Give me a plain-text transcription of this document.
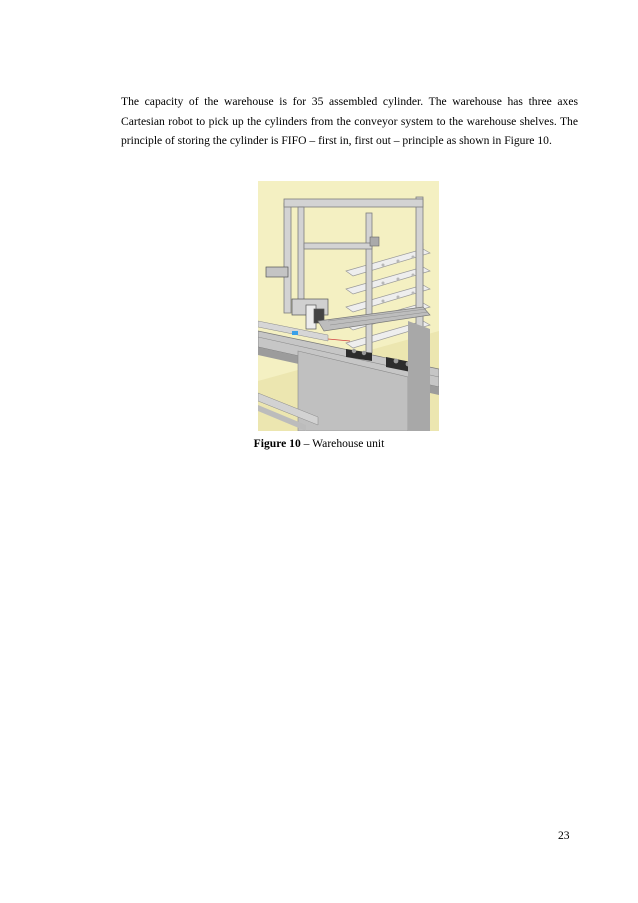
The capacity of the warehouse is for 35 assembled cylinder. The warehouse has three axes Cartesian robot to pick up the cylinders from the conveyor system to the warehouse shelves. The principle of storing the cylinder is FIFO – first in, first out – principle as shown in Figure 10.

Figure 10 – Warehouse unit
23
